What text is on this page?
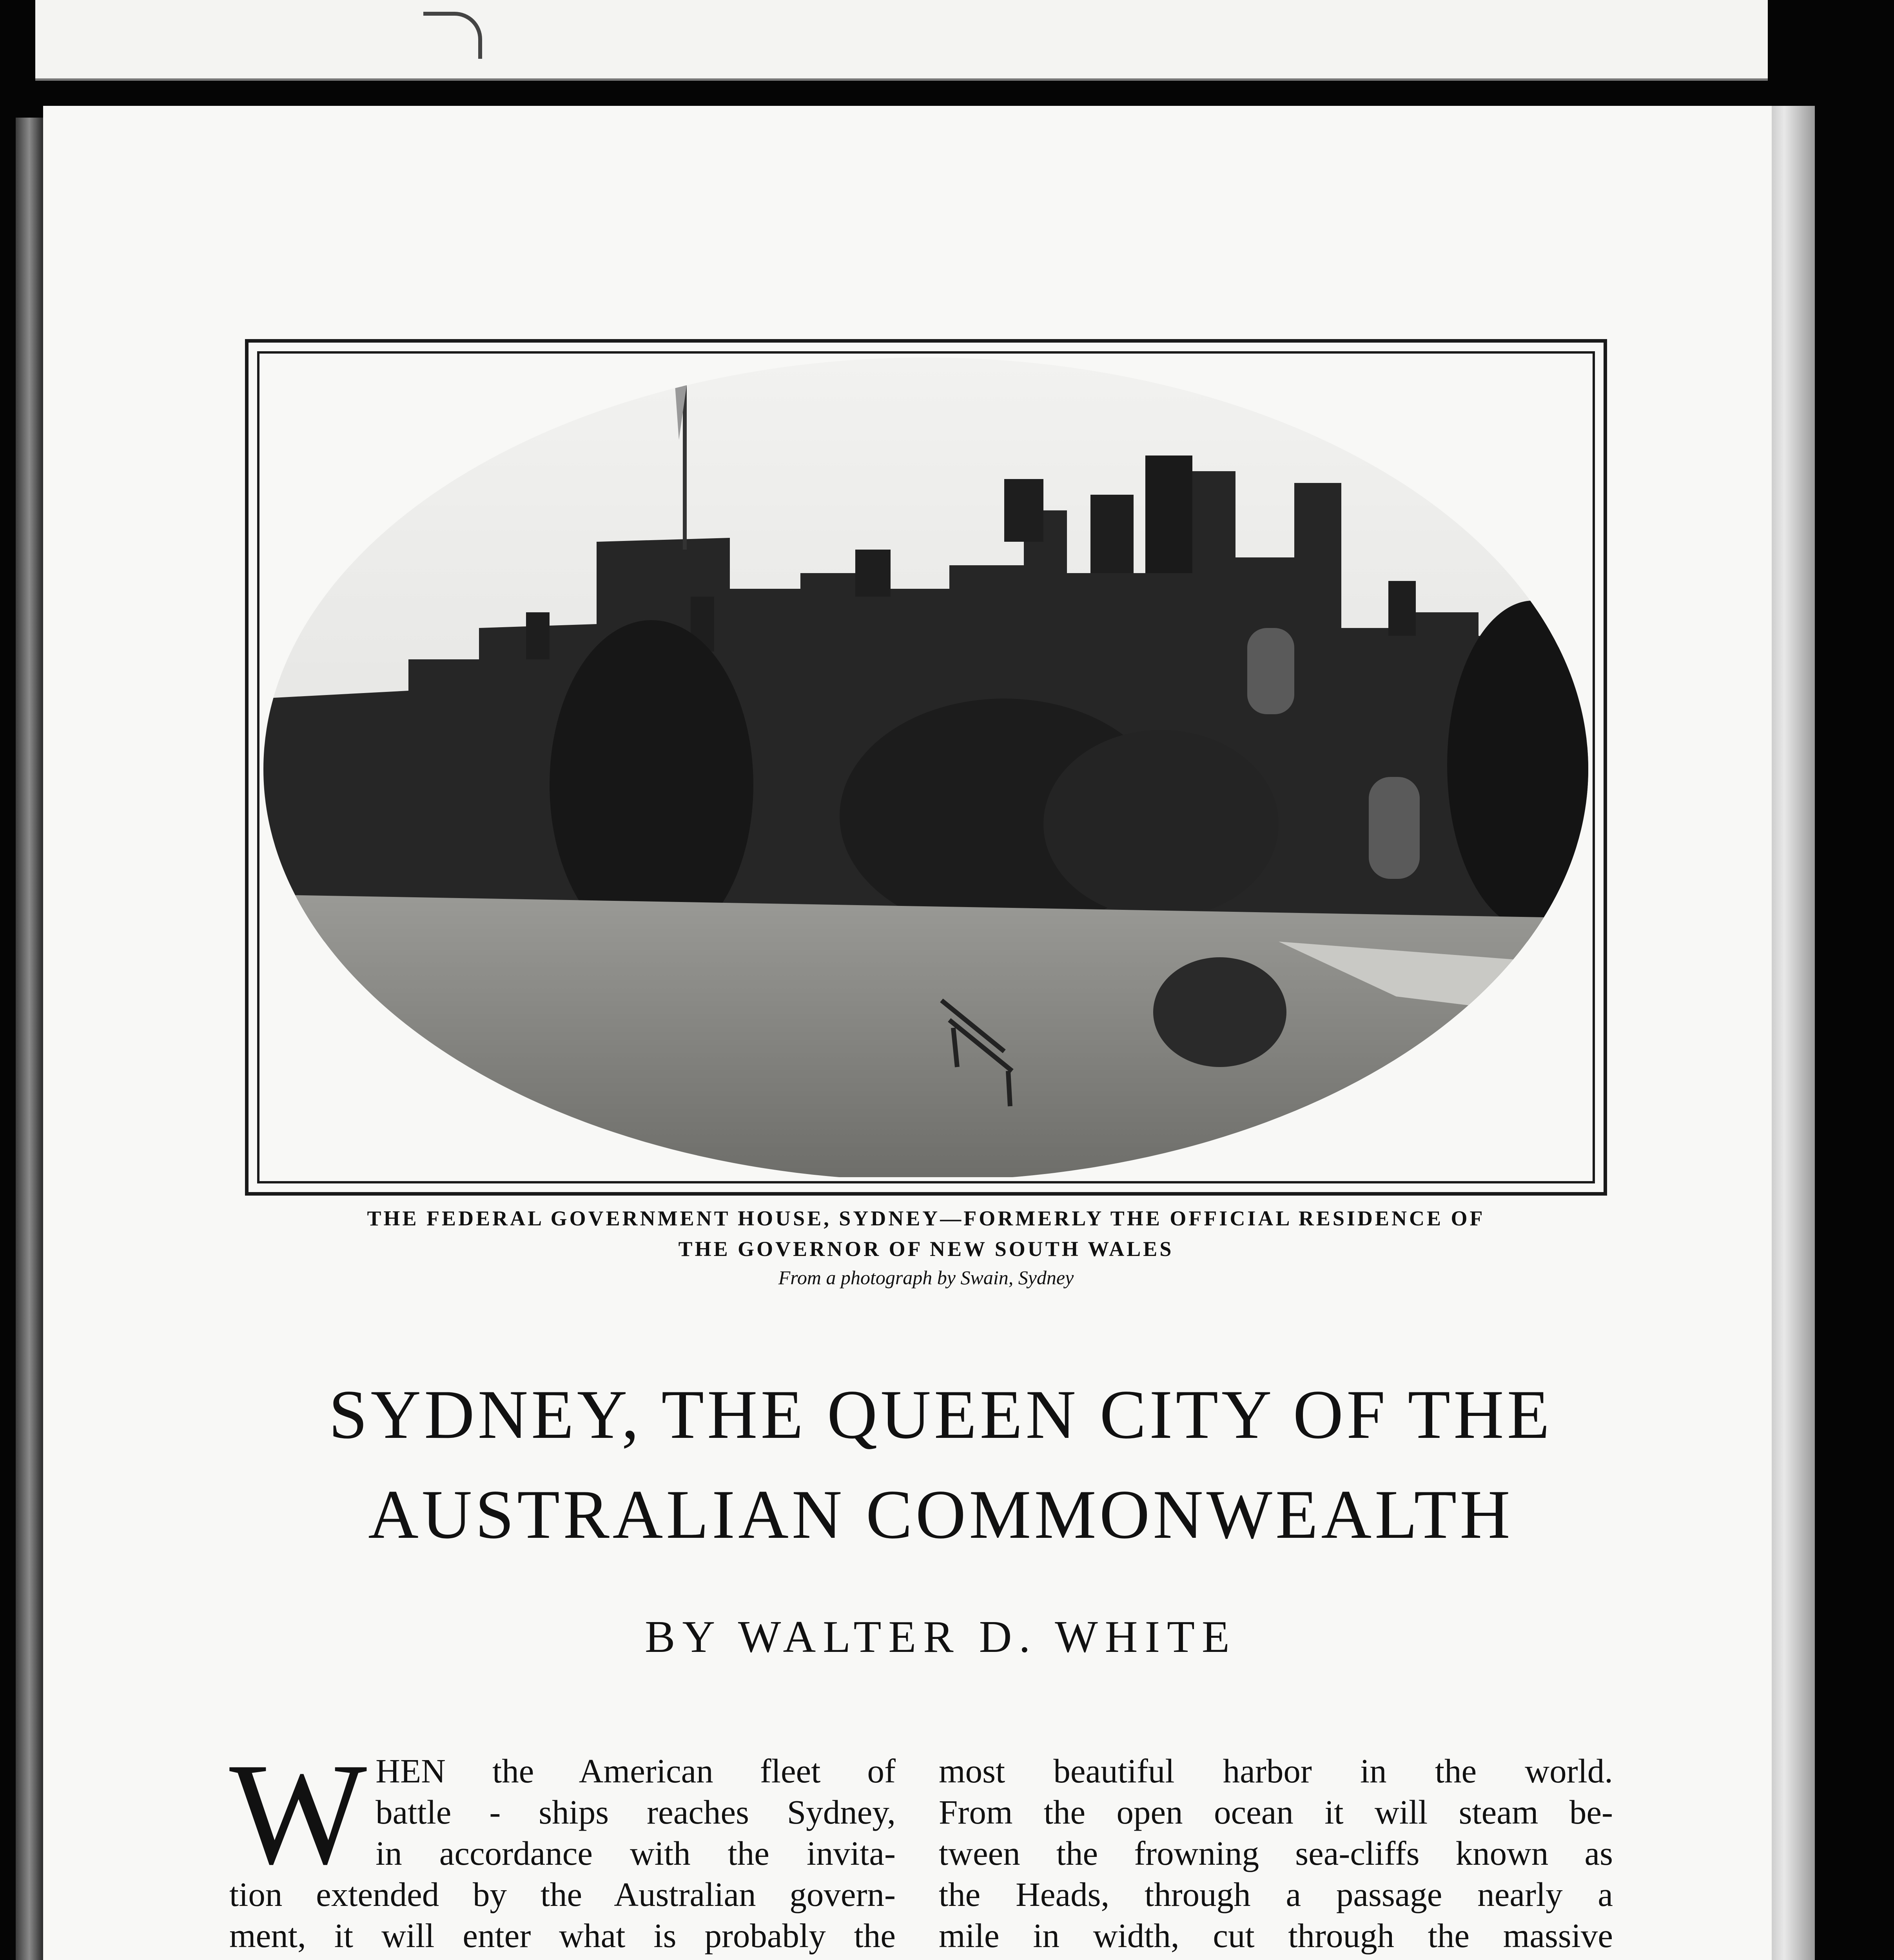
THE FEDERAL GOVERNMENT HOUSE, SYDNEY—FORMERLY THE OFFICIAL RESIDENCE OF
THE GOVERNOR OF NEW SOUTH WALES
From a photograph by Swain, Sydney
SYDNEY, THE QUEEN CITY OF THE
AUSTRALIAN COMMONWEALTH
BY WALTER D. WHITE
W HEN the American fleet of
battle - ships reaches Sydney,
in accordance with the invita-
tion extended by the Australian govern-
ment, it will enter what is probably the
most beautiful harbor in the world.
From the open ocean it will steam be-
tween the frowning sea-cliffs known as
the Heads, through a passage nearly a
mile in width, cut through the massive
